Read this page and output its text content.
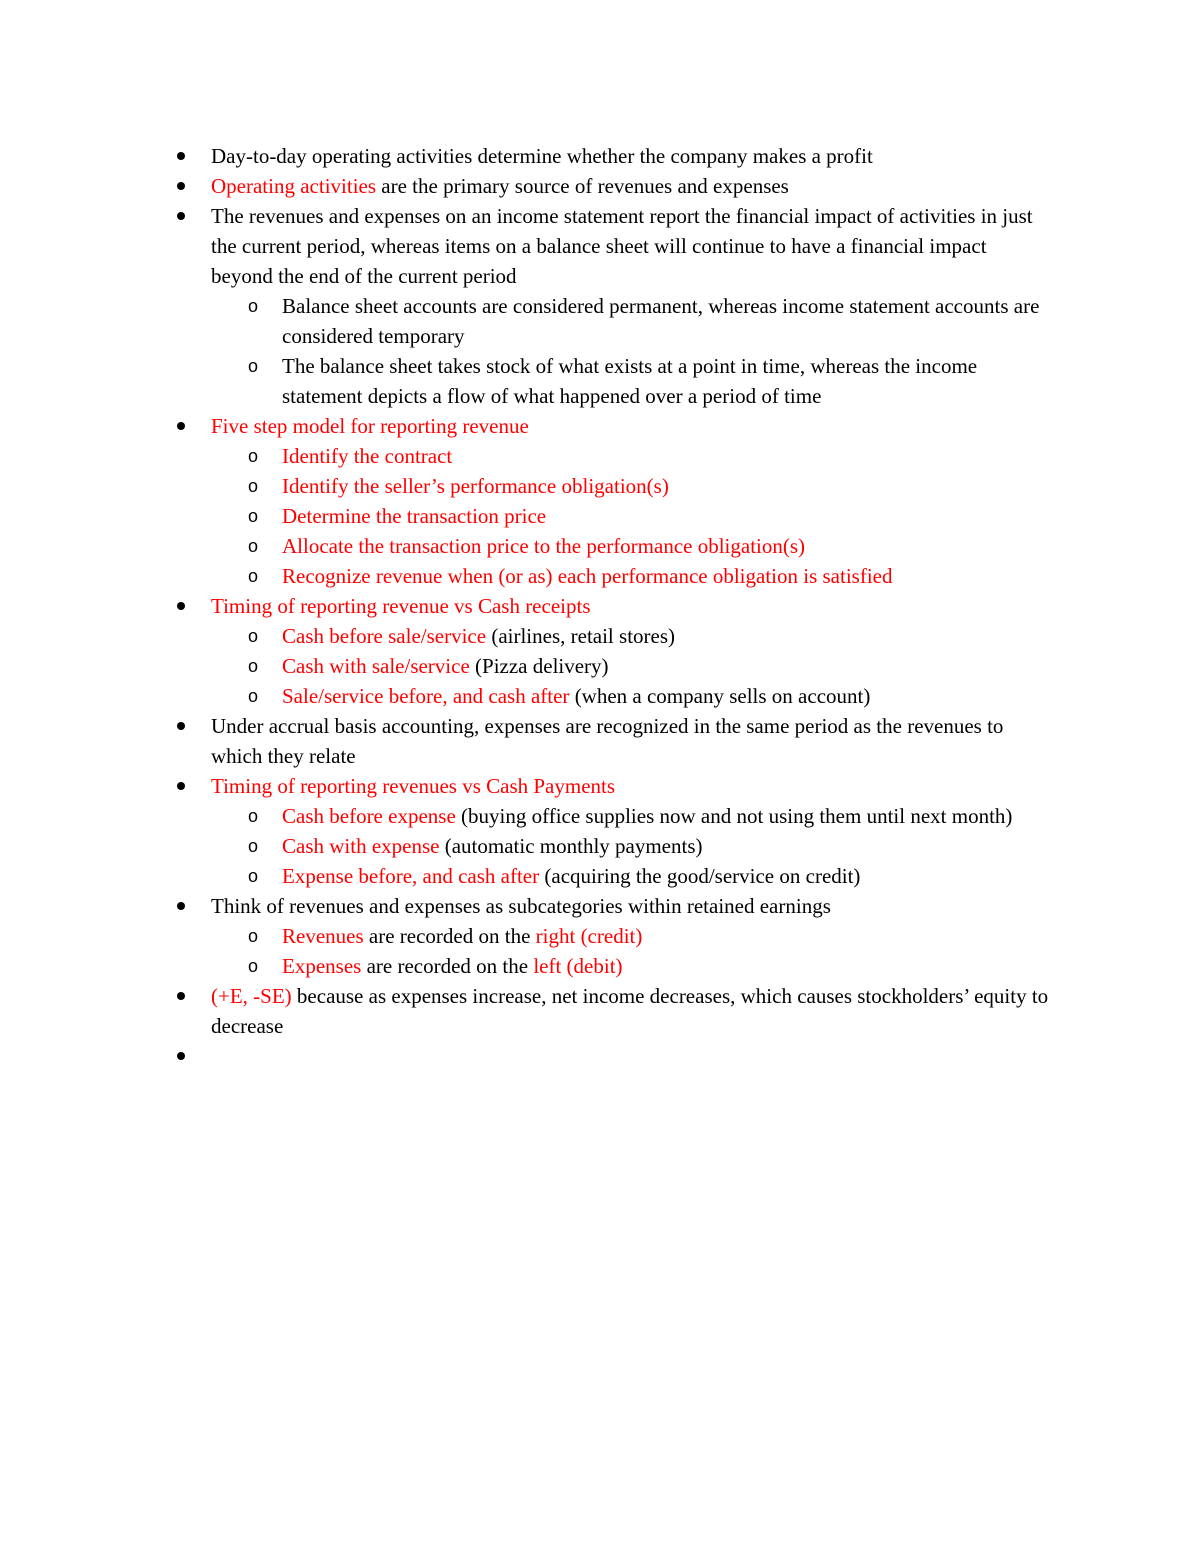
Day-to-day operating activities determine whether the company makes a profit
Operating activities are the primary source of revenues and expenses
The revenues and expenses on an income statement report the financial impact of activities in just the current period, whereas items on a balance sheet will continue to have a financial impact beyond the end of the current period
o Balance sheet accounts are considered permanent, whereas income statement accounts are considered temporary
o The balance sheet takes stock of what exists at a point in time, whereas the income statement depicts a flow of what happened over a period of time
Five step model for reporting revenue
o Identify the contract
o Identify the seller’s performance obligation(s)
o Determine the transaction price
o Allocate the transaction price to the performance obligation(s)
o Recognize revenue when (or as) each performance obligation is satisfied
Timing of reporting revenue vs Cash receipts
o Cash before sale/service (airlines, retail stores)
o Cash with sale/service (Pizza delivery)
o Sale/service before, and cash after (when a company sells on account)
Under accrual basis accounting, expenses are recognized in the same period as the revenues to which they relate
Timing of reporting revenues vs Cash Payments
o Cash before expense (buying office supplies now and not using them until next month)
o Cash with expense (automatic monthly payments)
o Expense before, and cash after (acquiring the good/service on credit)
Think of revenues and expenses as subcategories within retained earnings
o Revenues are recorded on the right (credit)
o Expenses are recorded on the left (debit)
(+E, -SE) because as expenses increase, net income decreases, which causes stockholders’ equity to decrease
